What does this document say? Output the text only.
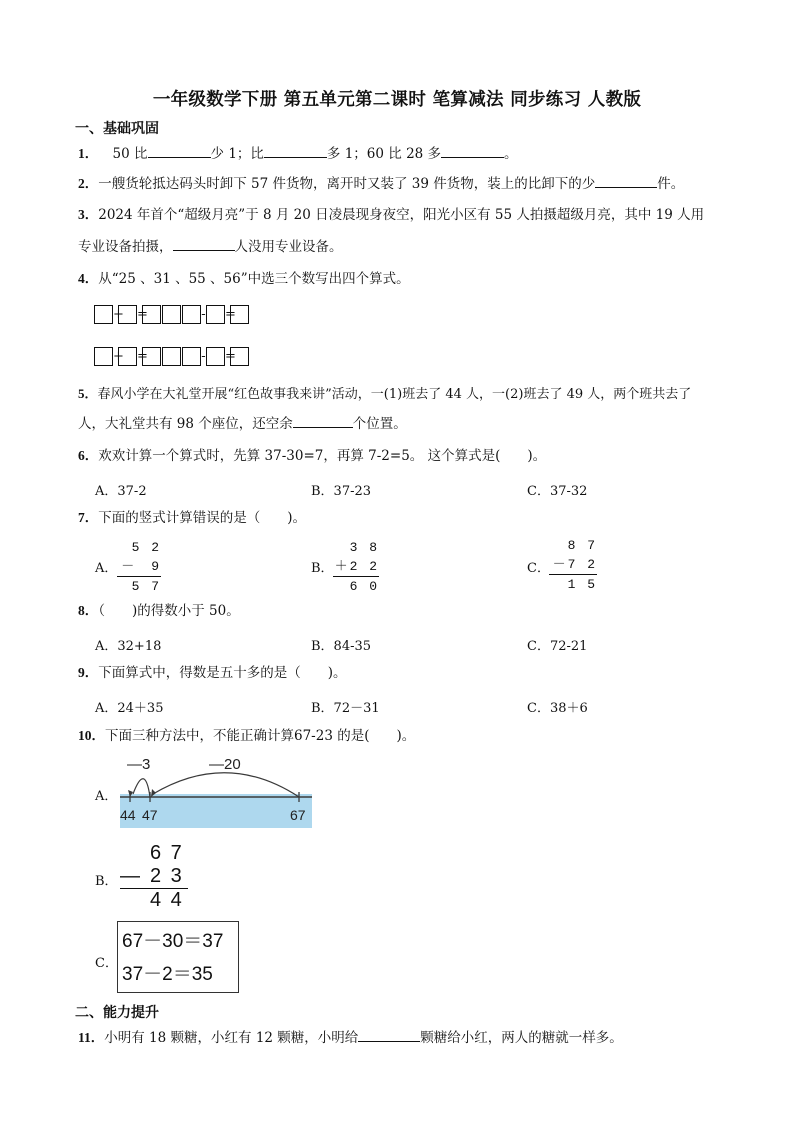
一年级数学下册 第五单元第二课时 笔算减法 同步练习 人教版
一、基础巩固
1． 50 比	少 1；比	多 1；60 比 28 多	。
2．一艘货轮抵达码头时卸下 57 件货物，离开时又装了 39 件货物，装上的比卸下的少	件。
3．2024 年首个“超级月亮”于 8 月 20 日凌晨现身夜空，阳光小区有 55 人拍摄超级月亮，其中 19 人用
专业设备拍摄，	人没用专业设备。
4．从“25 、31 、55 、56”中选三个数写出四个算式。
+ =	- =
+ =	- =
5．春风小学在大礼堂开展“红色故事我来讲”活动，一(1)班去了 44 人，一(2)班去了 49 人，两个班共去了
人，大礼堂共有 98 个座位，还空余	个位置。
6．欢欢计算一个算式时，先算 37-30=7，再算 7-2=5。 这个算式是(　　)。
A．37-2	B．37-23	C．37-32
7．下面的竖式计算错误的是（　　)。
A．
5 2
－　9
5 7
B．
3 8
＋2 2
6 0
C．
8 7
－7 2
1 5
8．（　　)的得数小于 50。
A．32+18	B．84-35	C．72-21
9．下面算式中，得数是五十多的是（　　)。
A．24＋35	B．72－31	C．38＋6
10．下面三种方法中，不能正确计算67-23 的是(　　)。
A．
—3	—20
44 47	67
B．
6 7
— 2 3
4 4
C．
67－30＝37
37－2＝35
二、能力提升
11．小明有 18 颗糖，小红有 12 颗糖，小明给	颗糖给小红，两人的糖就一样多。
